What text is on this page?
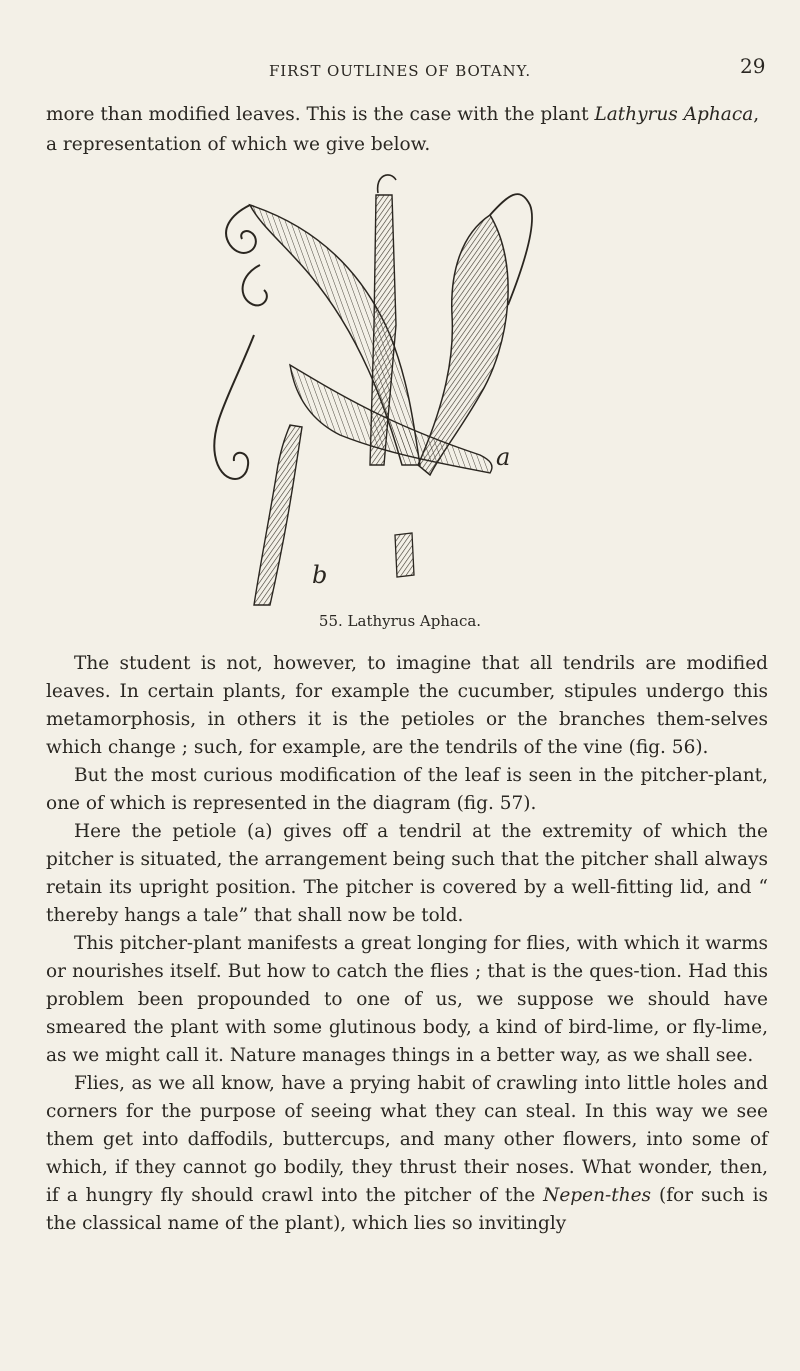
FIRST OUTLINES OF BOTANY.	29

more than modified leaves. This is the case with the plant Lathyrus Aphaca, a representation of which we give below.

a
b
55. Lathyrus Aphaca.

The student is not, however, to imagine that all tendrils are modified leaves. In certain plants, for example the cucumber, stipules undergo this metamorphosis, in others it is the petioles or the branches them-selves which change ; such, for example, are the tendrils of the vine (fig. 56).

But the most curious modification of the leaf is seen in the pitcher-plant, one of which is represented in the diagram (fig. 57).

Here the petiole (a) gives off a tendril at the extremity of which the pitcher is situated, the arrangement being such that the pitcher shall always retain its upright position. The pitcher is covered by a well-fitting lid, and “ thereby hangs a tale” that shall now be told.

This pitcher-plant manifests a great longing for flies, with which it warms or nourishes itself. But how to catch the flies ; that is the ques-tion. Had this problem been propounded to one of us, we suppose we should have smeared the plant with some glutinous body, a kind of bird-lime, or fly-lime, as we might call it. Nature manages things in a better way, as we shall see.

Flies, as we all know, have a prying habit of crawling into little holes and corners for the purpose of seeing what they can steal. In this way we see them get into daffodils, buttercups, and many other flowers, into some of which, if they cannot go bodily, they thrust their noses. What wonder, then, if a hungry fly should crawl into the pitcher of the Nepen-thes (for such is the classical name of the plant), which lies so invitingly
